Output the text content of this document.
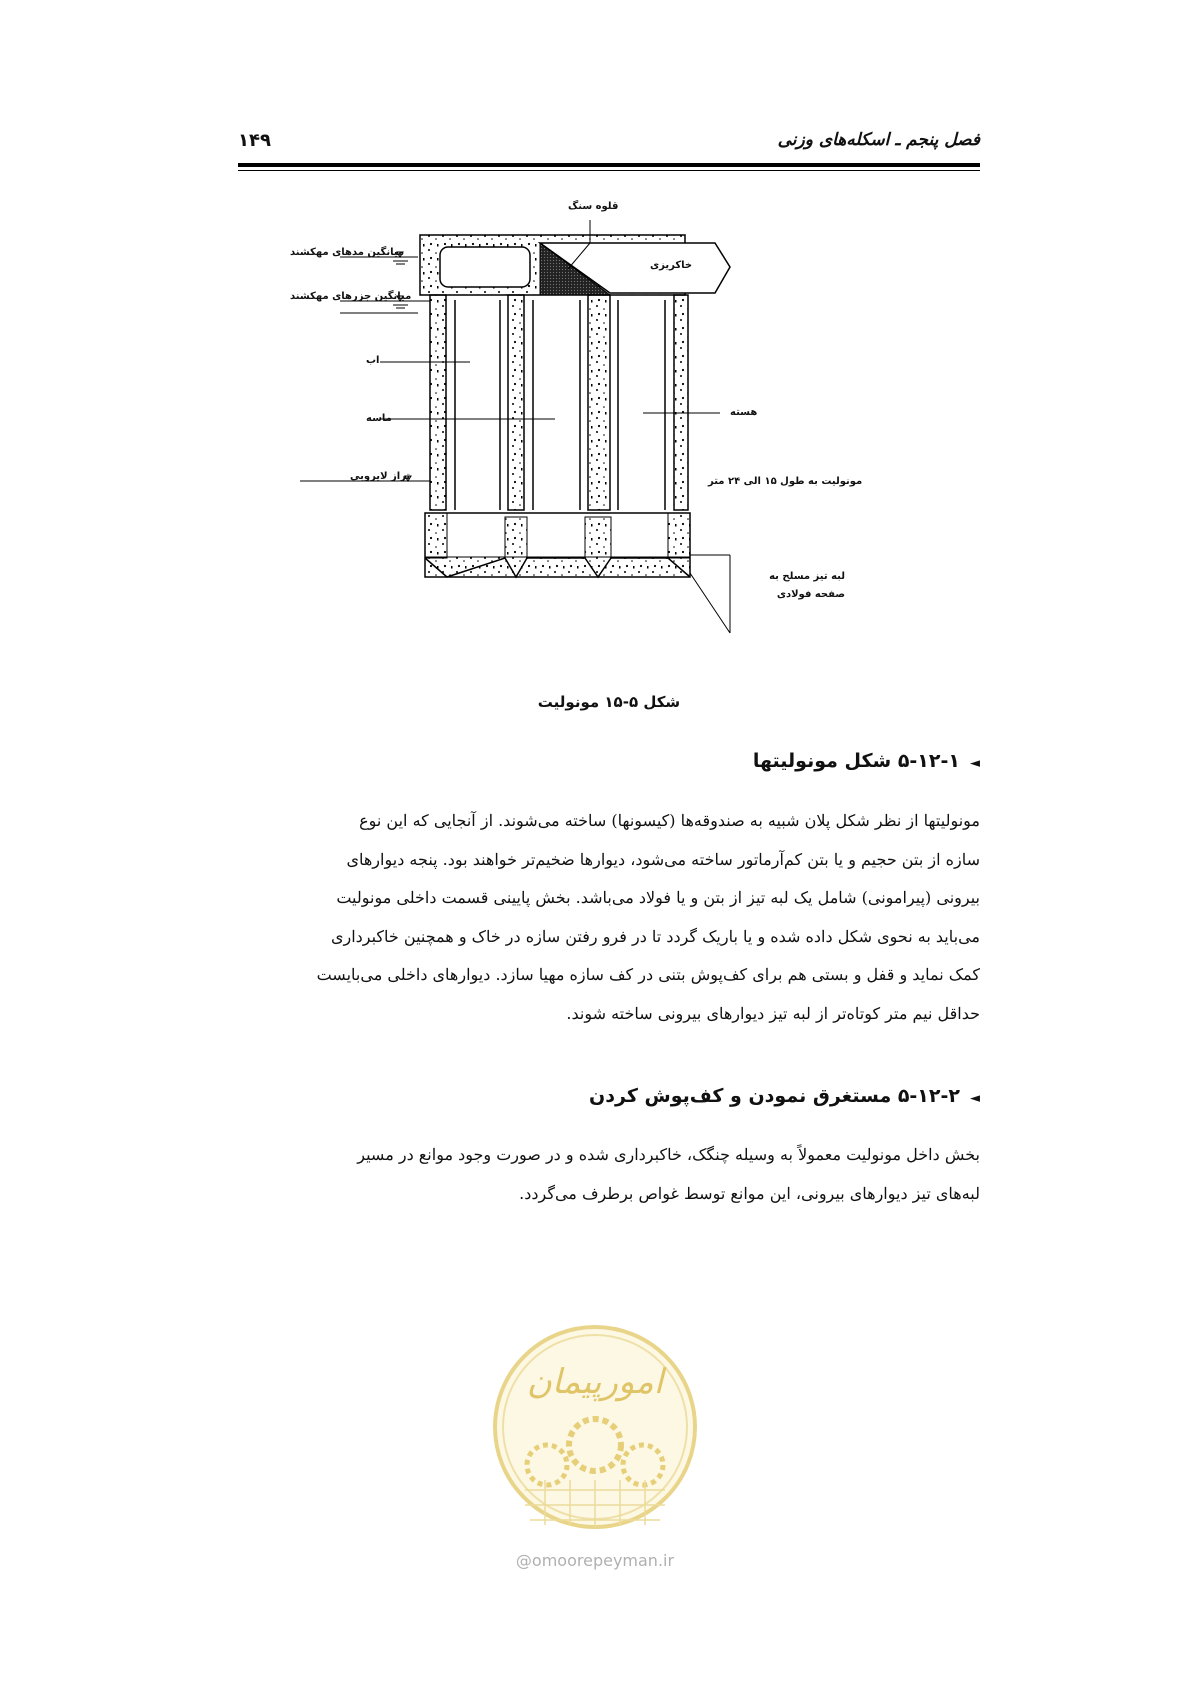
۱۴۹	فصل پنجم ـ اسکله‌های وزنی
قلوه سنگ
میانگین مدهای مهکشند
میانگین جزرهای مهکشند
خاکریزی
اب
ماسه
هسته
تراز لایروبی	مونولیت به طول ۱۵ الی ۲۴ متر
لبه تیز مسلح به صفحه فولادی
شکل ۵-۱۵ مونولیت
◄۵-۱۲-۱ شکل مونولیتها
مونولیتها از نظر شکل پلان شبیه به صندوقه‌ها (کیسونها) ساخته می‌شوند. از آنجایی که این نوع
سازه از بتن حجیم و یا بتن کم‌آرماتور ساخته می‌شود، دیوارها ضخیم‌تر خواهند بود. پنجه دیوارهای
بیرونی (پیرامونی) شامل یک لبه تیز از بتن و یا فولاد می‌باشد. بخش پایینی قسمت داخلی مونولیت
می‌باید به نحوی شکل داده شده و یا باریک گردد تا در فرو رفتن سازه در خاک و همچنین خاکبرداری
کمک نماید و قفل و بستی هم برای کف‌پوش بتنی در کف سازه مهیا سازد. دیوارهای داخلی می‌بایست
حداقل نیم متر کوتاه‌تر از لبه تیز دیوارهای بیرونی ساخته شوند.
◄۵-۱۲-۲ مستغرق نمودن و کف‌پوش کردن
بخش داخل مونولیت معمولاً به وسیله چنگک، خاکبرداری شده و در صورت وجود موانع در مسیر
لبه‌های تیز دیوارهای بیرونی، این موانع توسط غواص برطرف می‌گردد.
امورپیمان
@omoorepeyman.ir
